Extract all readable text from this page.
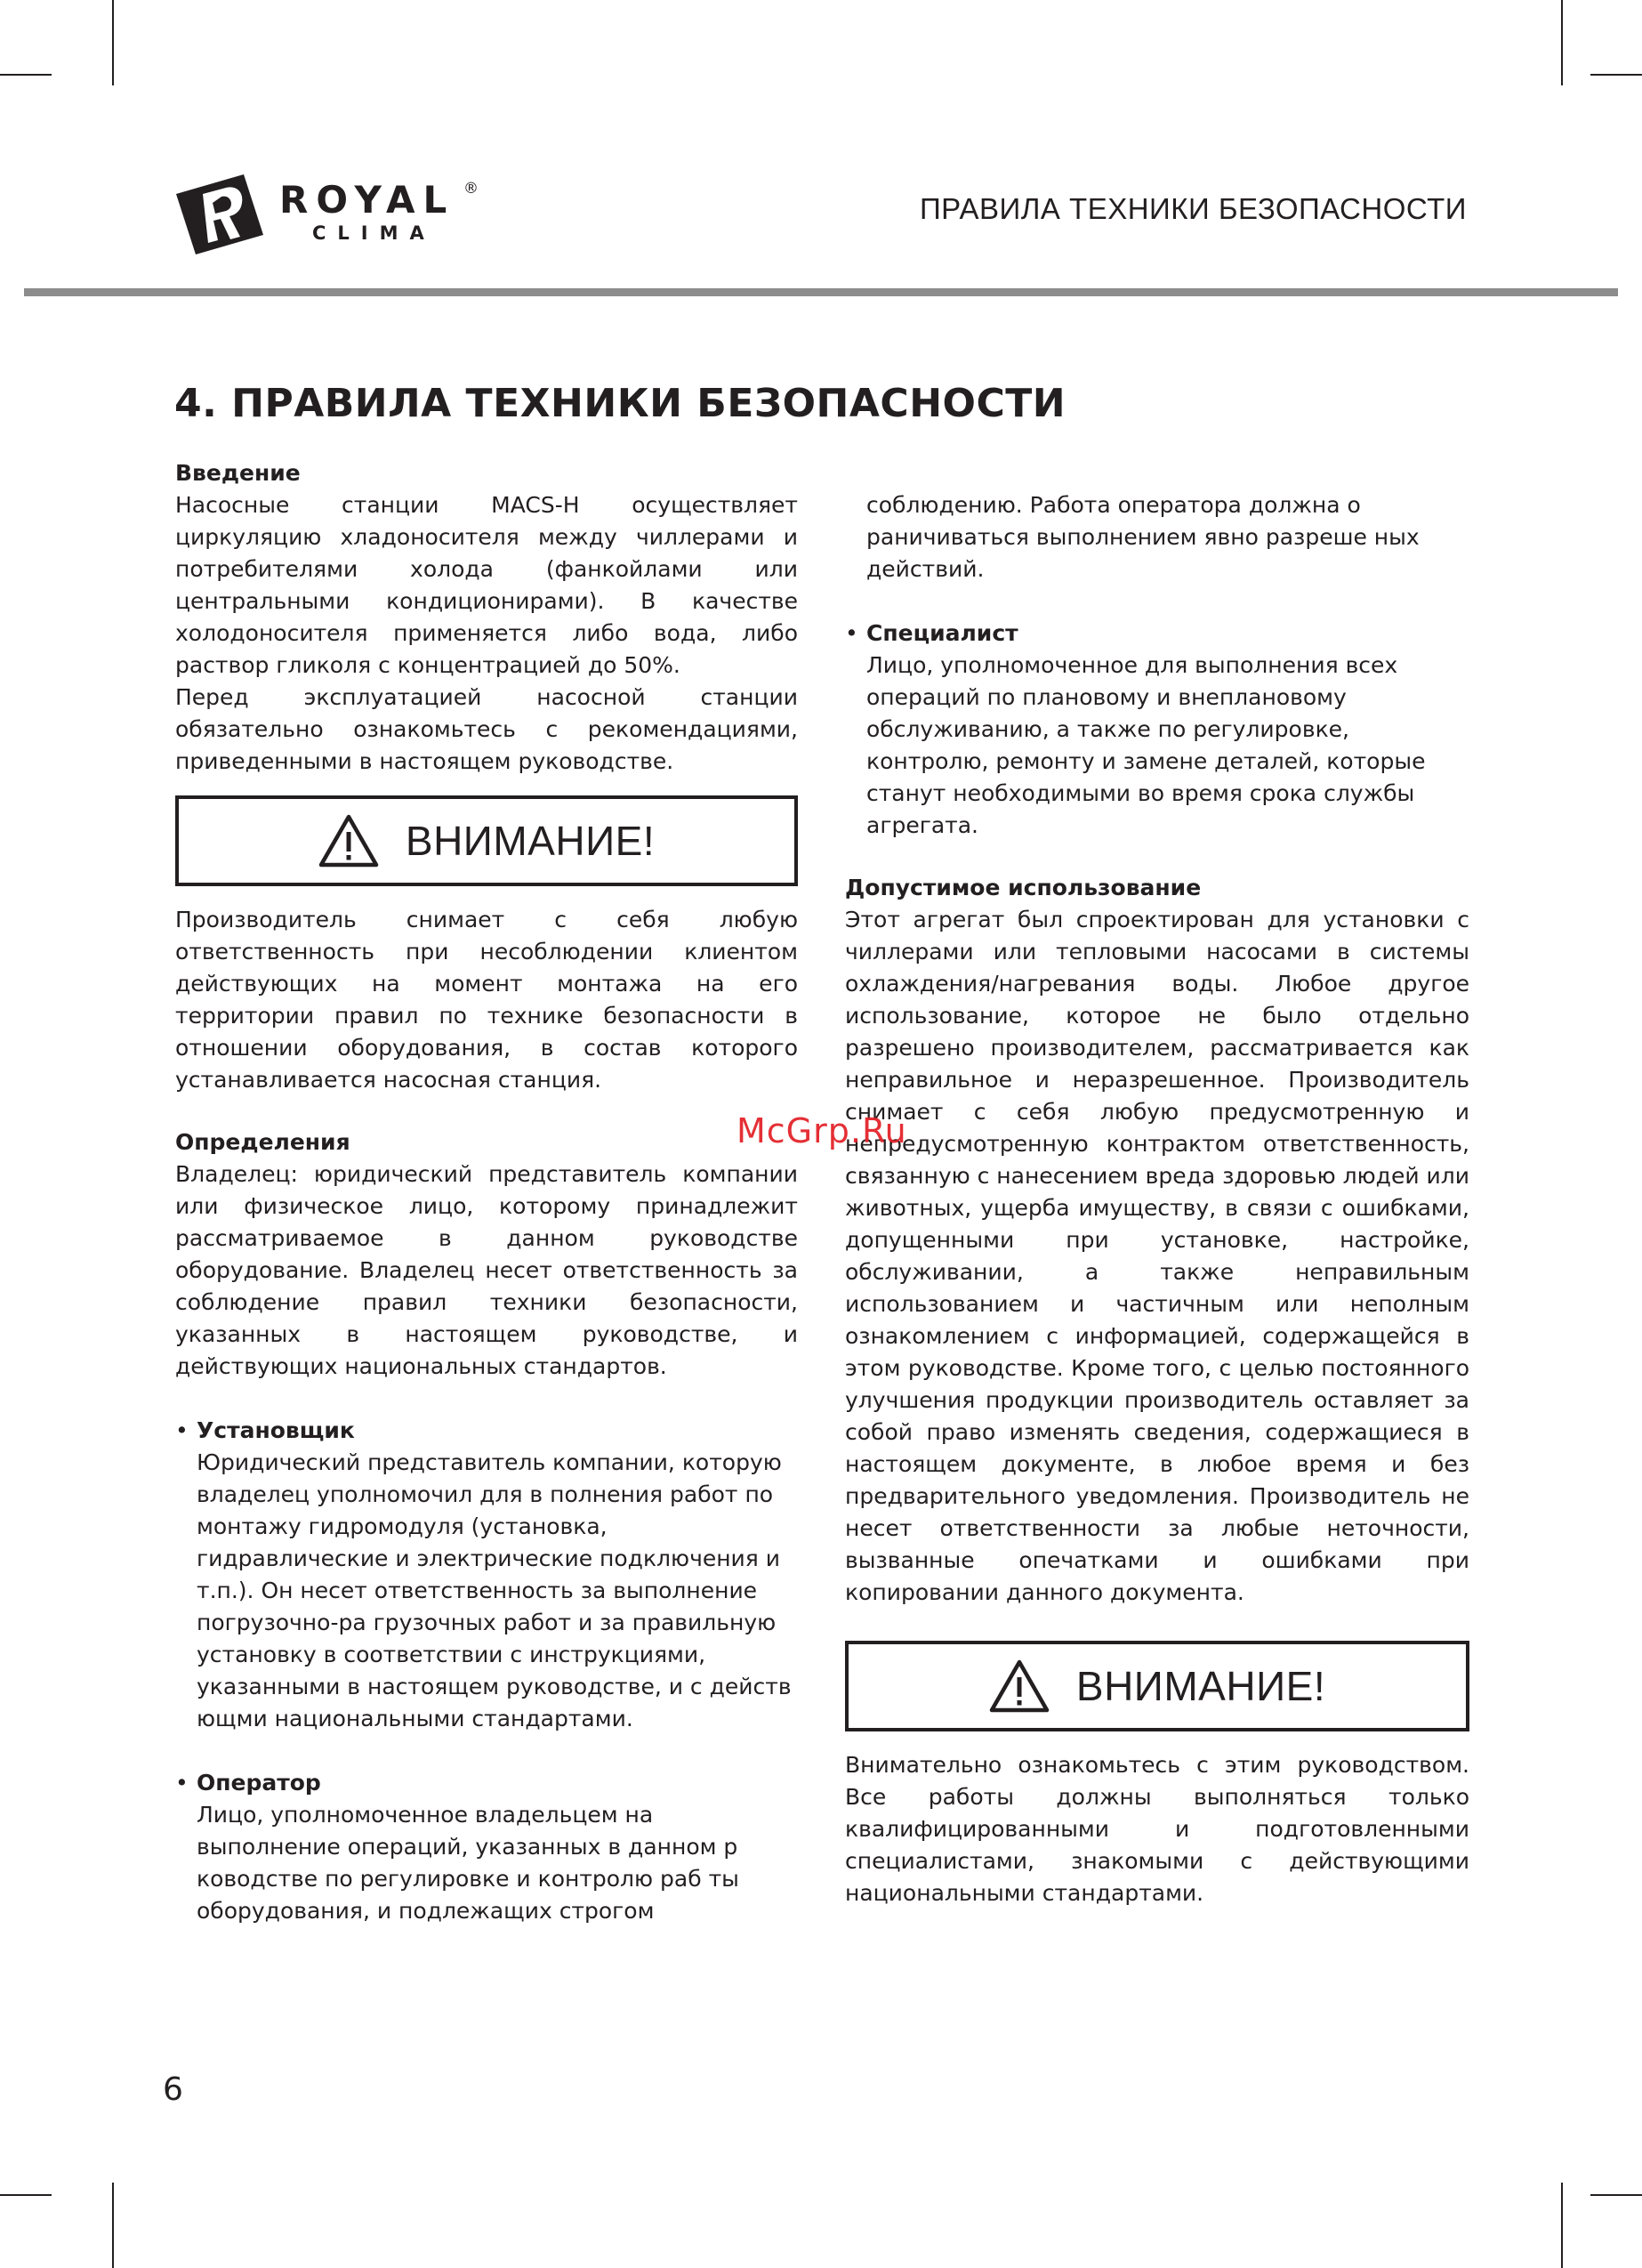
ROYAL ®
CLIMA
ПРАВИЛА ТЕХНИКИ БЕЗОПАСНОСТИ
4. ПРАВИЛА ТЕХНИКИ БЕЗОПАСНОСТИ
Введение

Насосные станции MACS-H осуществляет циркуляцию хладоносителя между чиллерами и потребителями холода (фанкойлами или центральными кондиционирами). В качестве холодоносителя применяется либо вода, либо раствор гликоля с концентрацией до 50%.

Перед эксплуатацией насосной станции обязательно ознакомьтесь с рекомендациями, приведенными в настоящем руководстве.

ВНИМАНИЕ!

Производитель снимает с себя любую ответственность при несоблюдении клиентом действующих на момент монтажа на его территории правил по технике безопасности в отношении оборудования, в состав которого устанавливается насосная станция.

Определения

Владелец: юридический представитель компании или физическое лицо, которому принадлежит рассматриваемое в данном руководстве оборудование. Владелец несет ответственность за соблюдение правил техники безопасности, указанных в настоящем руководстве, и действующих национальных стандартов.

• Установщик

Юридический представитель компании, которую владелец уполномочил для в полнения работ по монтажу гидромодуля (установка, гидравлические и электрические подключения и т.п.). Он несет ответственность за выполнение погрузочно-ра грузочных работ и за правильную установку в соответствии с инструкциями, указанными в настоящем руководстве, и с действ ющми национальными стандартами.

• Оператор

Лицо, уполномоченное владельцем на выполнение операций, указанных в данном р ководстве по регулировке и контролю раб ты оборудования, и подлежащих строгом

соблюдению. Работа оператора должна о раничиваться выполнением явно разреше ных действий.

• Специалист

Лицо, уполномоченное для выполнения всех операций по плановому и внеплановому обслуживанию, а также по регулировке, контролю, ремонту и замене деталей, которые станут необходимыми во время срока службы агрегата.

Допустимое использование

Этот агрегат был спроектирован для установки с чиллерами или тепловыми насосами в системы охлаждения/нагревания воды. Любое другое использование, которое не было отдельно разрешено производителем, рассматривается как неправильное и неразрешенное. Производитель снимает с себя любую предусмотренную и непредусмотренную контрактом ответственность, связанную с нанесением вреда здоровью людей или животных, ущерба имуществу, в связи с ошибками, допущенными при установке, настройке, обслуживании, а также неправильным использованием и частичным или неполным ознакомлением с информацией, содержащейся в этом руководстве. Кроме того, с целью постоянного улучшения продукции производитель оставляет за собой право изменять сведения, содержащиеся в настоящем документе, в любое время и без предварительного уведомления. Производитель не несет ответственности за любые неточности, вызванные опечатками и ошибками при копировании данного документа.

ВНИМАНИЕ!

Внимательно ознакомьтесь с этим руководством. Все работы должны выполняться только квалифицированными и подготовленными специалистами, знакомыми с действующими национальными стандартами.

McGrp.Ru
6
